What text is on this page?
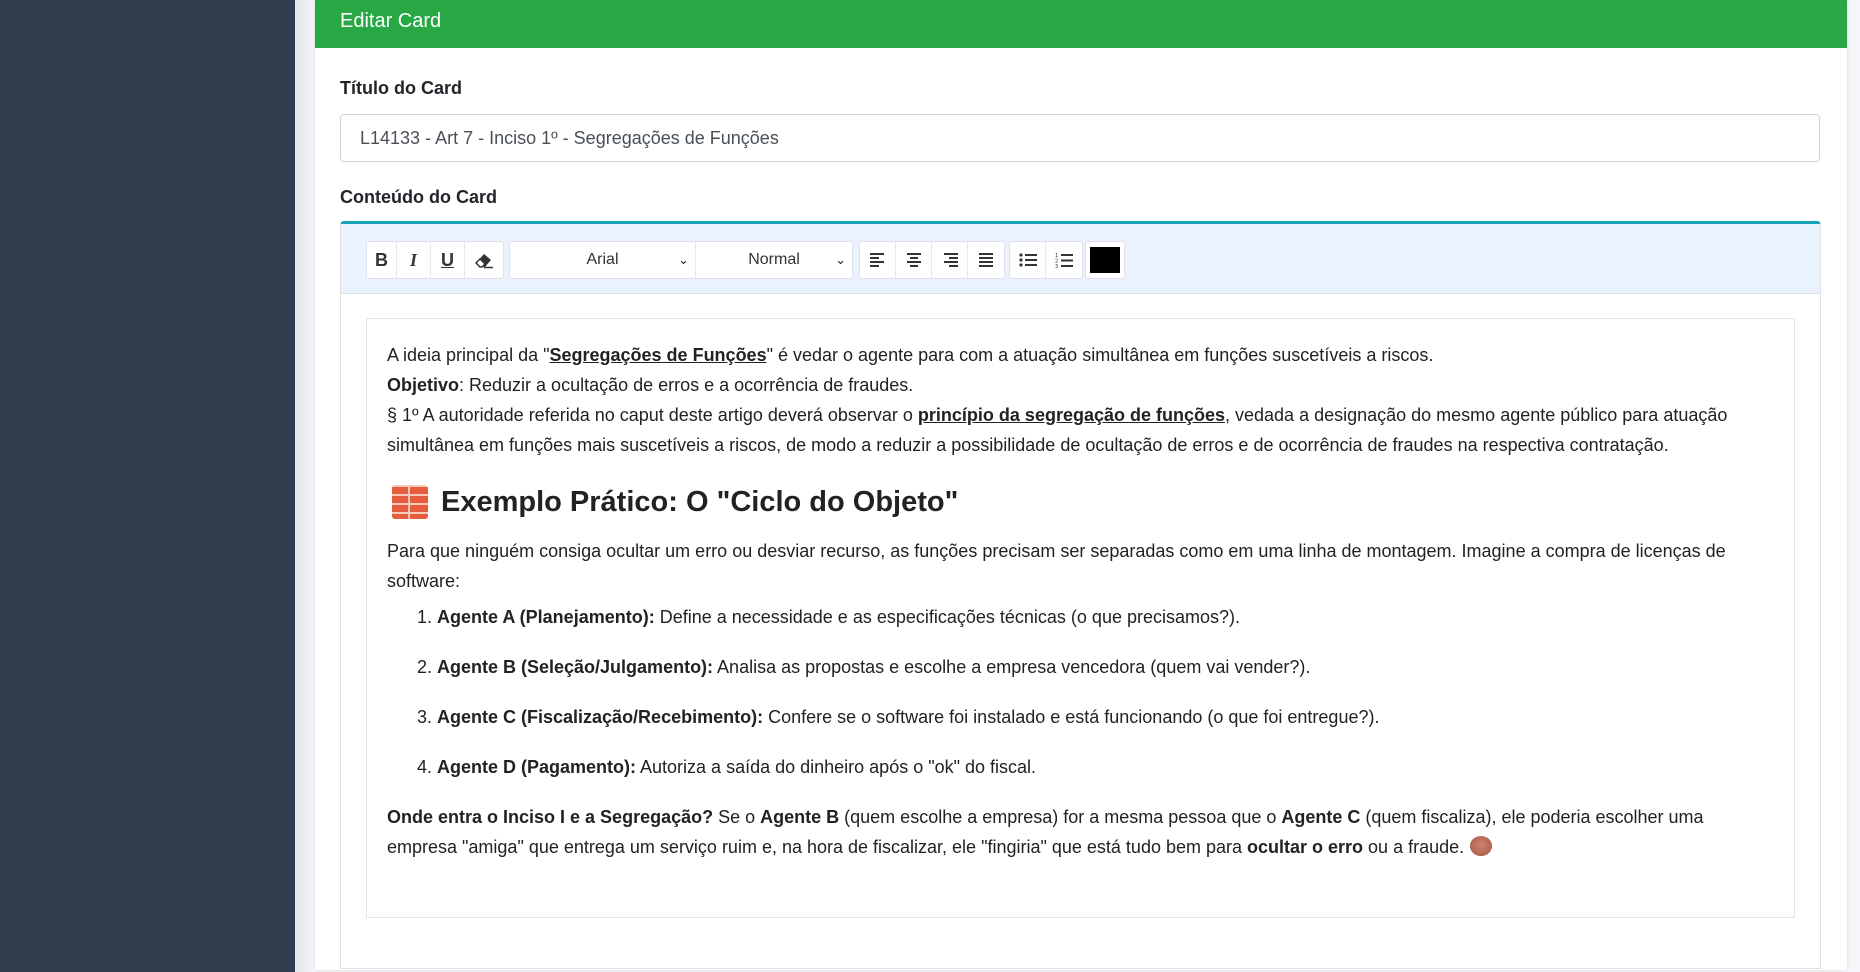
Editar Card
Título do Card
L14133 - Art 7 - Inciso 1º - Segregações de Funções
Conteúdo do Card
B	I	U	Arial	⌄	Normal	⌄	1
2
3

A ideia principal da "Segregações de Funções" é vedar o agente para com a atuação simultânea em funções suscetíveis a riscos.

Objetivo: Reduzir a ocultação de erros e a ocorrência de fraudes.

§ 1º A autoridade referida no caput deste artigo deverá observar o princípio da segregação de funções, vedada a designação do mesmo agente público para atuação simultânea em funções mais suscetíveis a riscos, de modo a reduzir a possibilidade de ocultação de erros e de ocorrência de fraudes na respectiva contratação.

Exemplo Prático: O "Ciclo do Objeto"

Para que ninguém consiga ocultar um erro ou desviar recurso, as funções precisam ser separadas como em uma linha de montagem. Imagine a compra de licenças de software:

1. Agente A (Planejamento): Define a necessidade e as especificações técnicas (o que precisamos?).
2. Agente B (Seleção/Julgamento): Analisa as propostas e escolhe a empresa vencedora (quem vai vender?).
3. Agente C (Fiscalização/Recebimento): Confere se o software foi instalado e está funcionando (o que foi entregue?).
4. Agente D (Pagamento): Autoriza a saída do dinheiro após o "ok" do fiscal.

Onde entra o Inciso I e a Segregação? Se o Agente B (quem escolhe a empresa) for a mesma pessoa que o Agente C (quem fiscaliza), ele poderia escolher uma empresa "amiga" que entrega um serviço ruim e, na hora de fiscalizar, ele "fingiria" que está tudo bem para ocultar o erro ou a fraude.
